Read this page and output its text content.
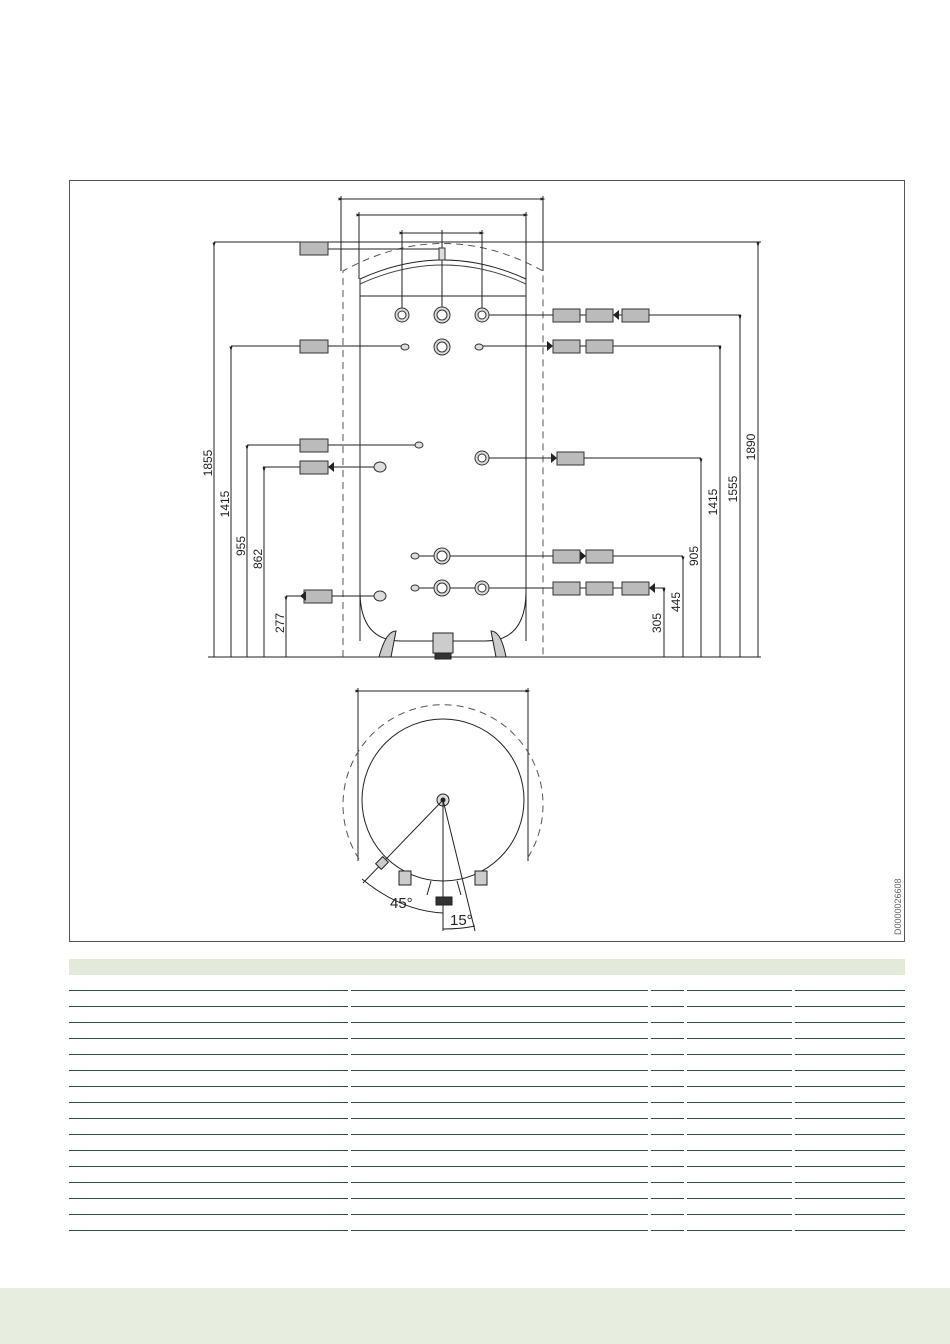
1855
1415
955
862
277	305
445
905
1415 1555
1890
45°
15°	D0000026608
